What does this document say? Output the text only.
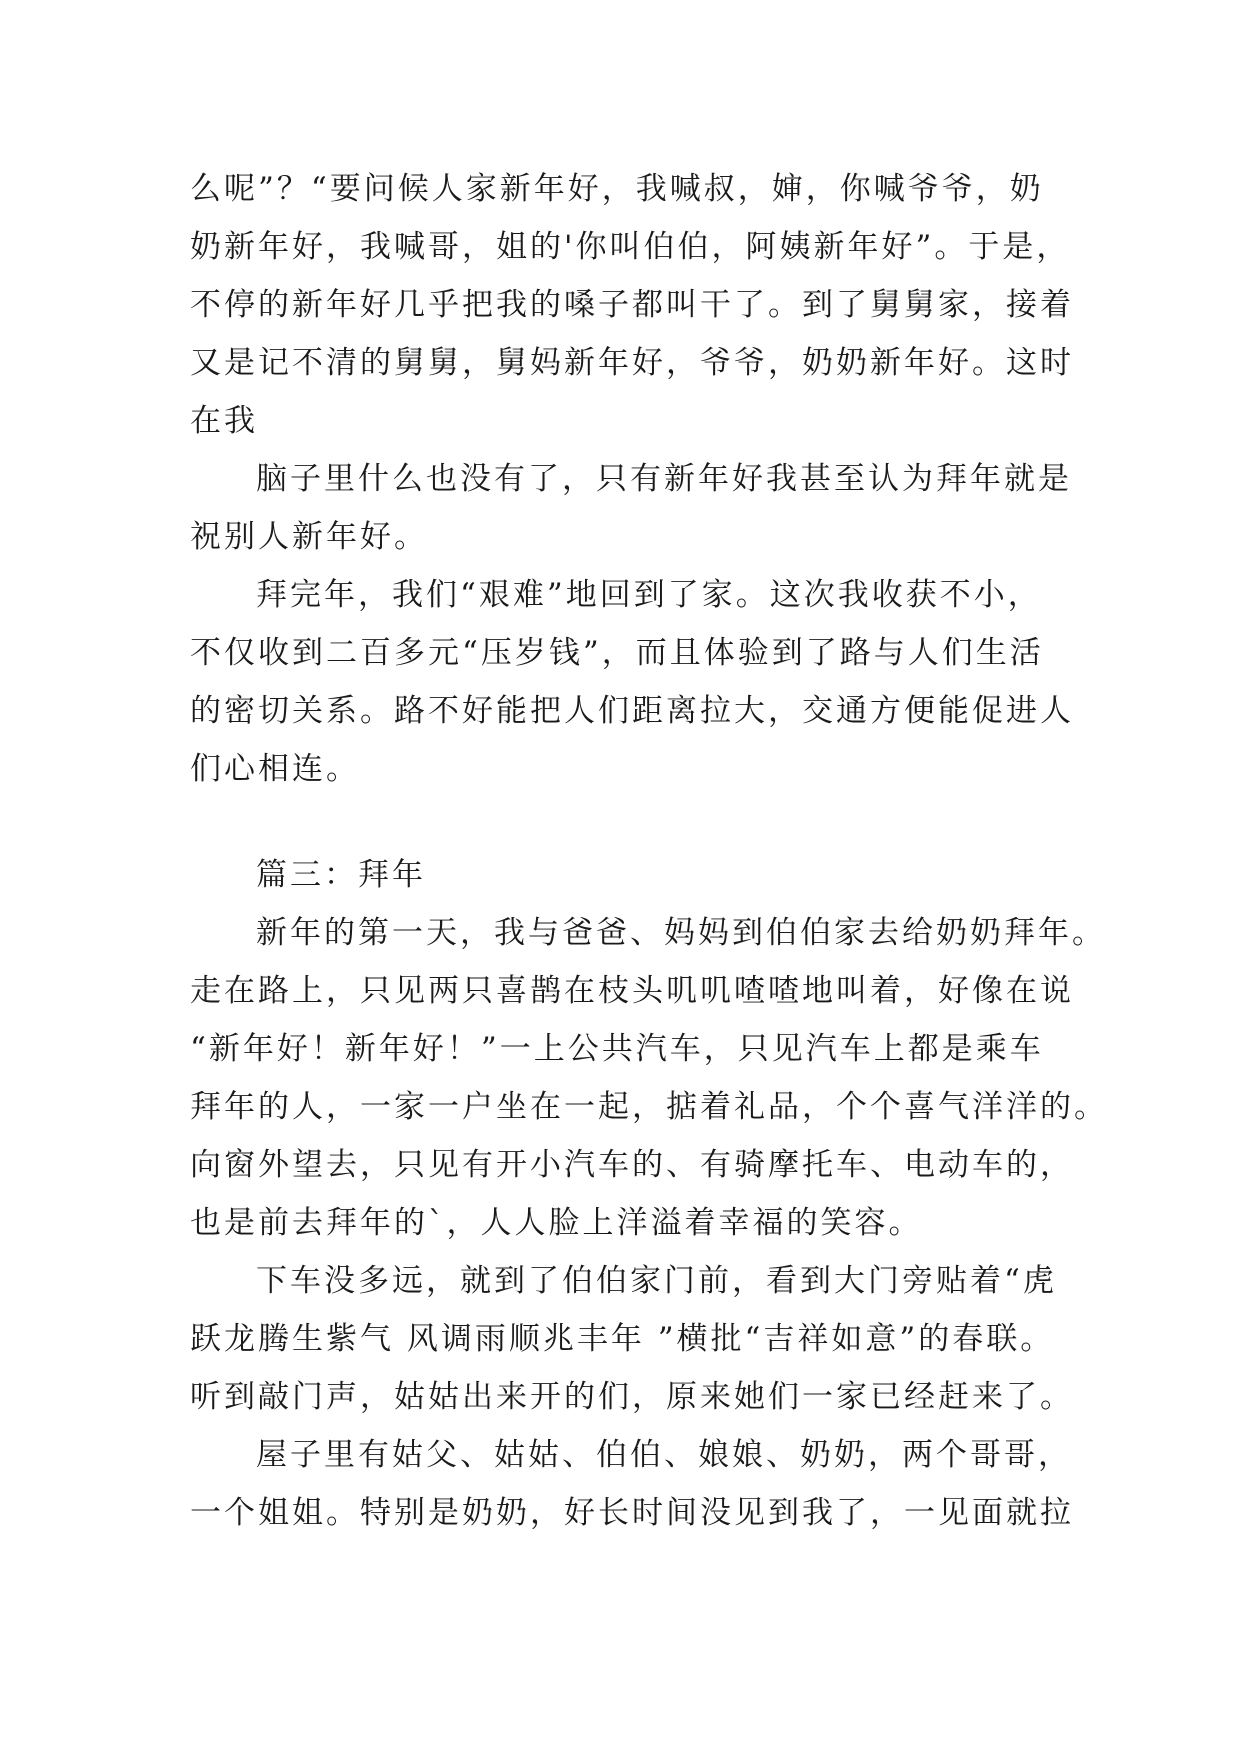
么呢”？“要问候人家新年好，我喊叔，婶，你喊爷爷，奶
奶新年好，我喊哥，姐的'你叫伯伯，阿姨新年好”。于是，
不停的新年好几乎把我的嗓子都叫干了。到了舅舅家，接着
又是记不清的舅舅，舅妈新年好，爷爷，奶奶新年好。这时
在我
脑子里什么也没有了，只有新年好我甚至认为拜年就是
祝别人新年好。
拜完年，我们“艰难”地回到了家。这次我收获不小，
不仅收到二百多元“压岁钱”，而且体验到了路与人们生活
的密切关系。路不好能把人们距离拉大，交通方便能促进人
们心相连。
篇三：拜年
新年的第一天，我与爸爸、妈妈到伯伯家去给奶奶拜年。
走在路上，只见两只喜鹊在枝头叽叽喳喳地叫着，好像在说
“新年好！新年好！”一上公共汽车，只见汽车上都是乘车
拜年的人，一家一户坐在一起，掂着礼品，个个喜气洋洋的。
向窗外望去，只见有开小汽车的、有骑摩托车、电动车的，
也是前去拜年的`，人人脸上洋溢着幸福的笑容。
下车没多远，就到了伯伯家门前，看到大门旁贴着“虎
跃龙腾生紫气 风调雨顺兆丰年 ”横批“吉祥如意”的春联。
听到敲门声，姑姑出来开的们，原来她们一家已经赶来了。
屋子里有姑父、姑姑、伯伯、娘娘、奶奶，两个哥哥，
一个姐姐。特别是奶奶，好长时间没见到我了，一见面就拉
